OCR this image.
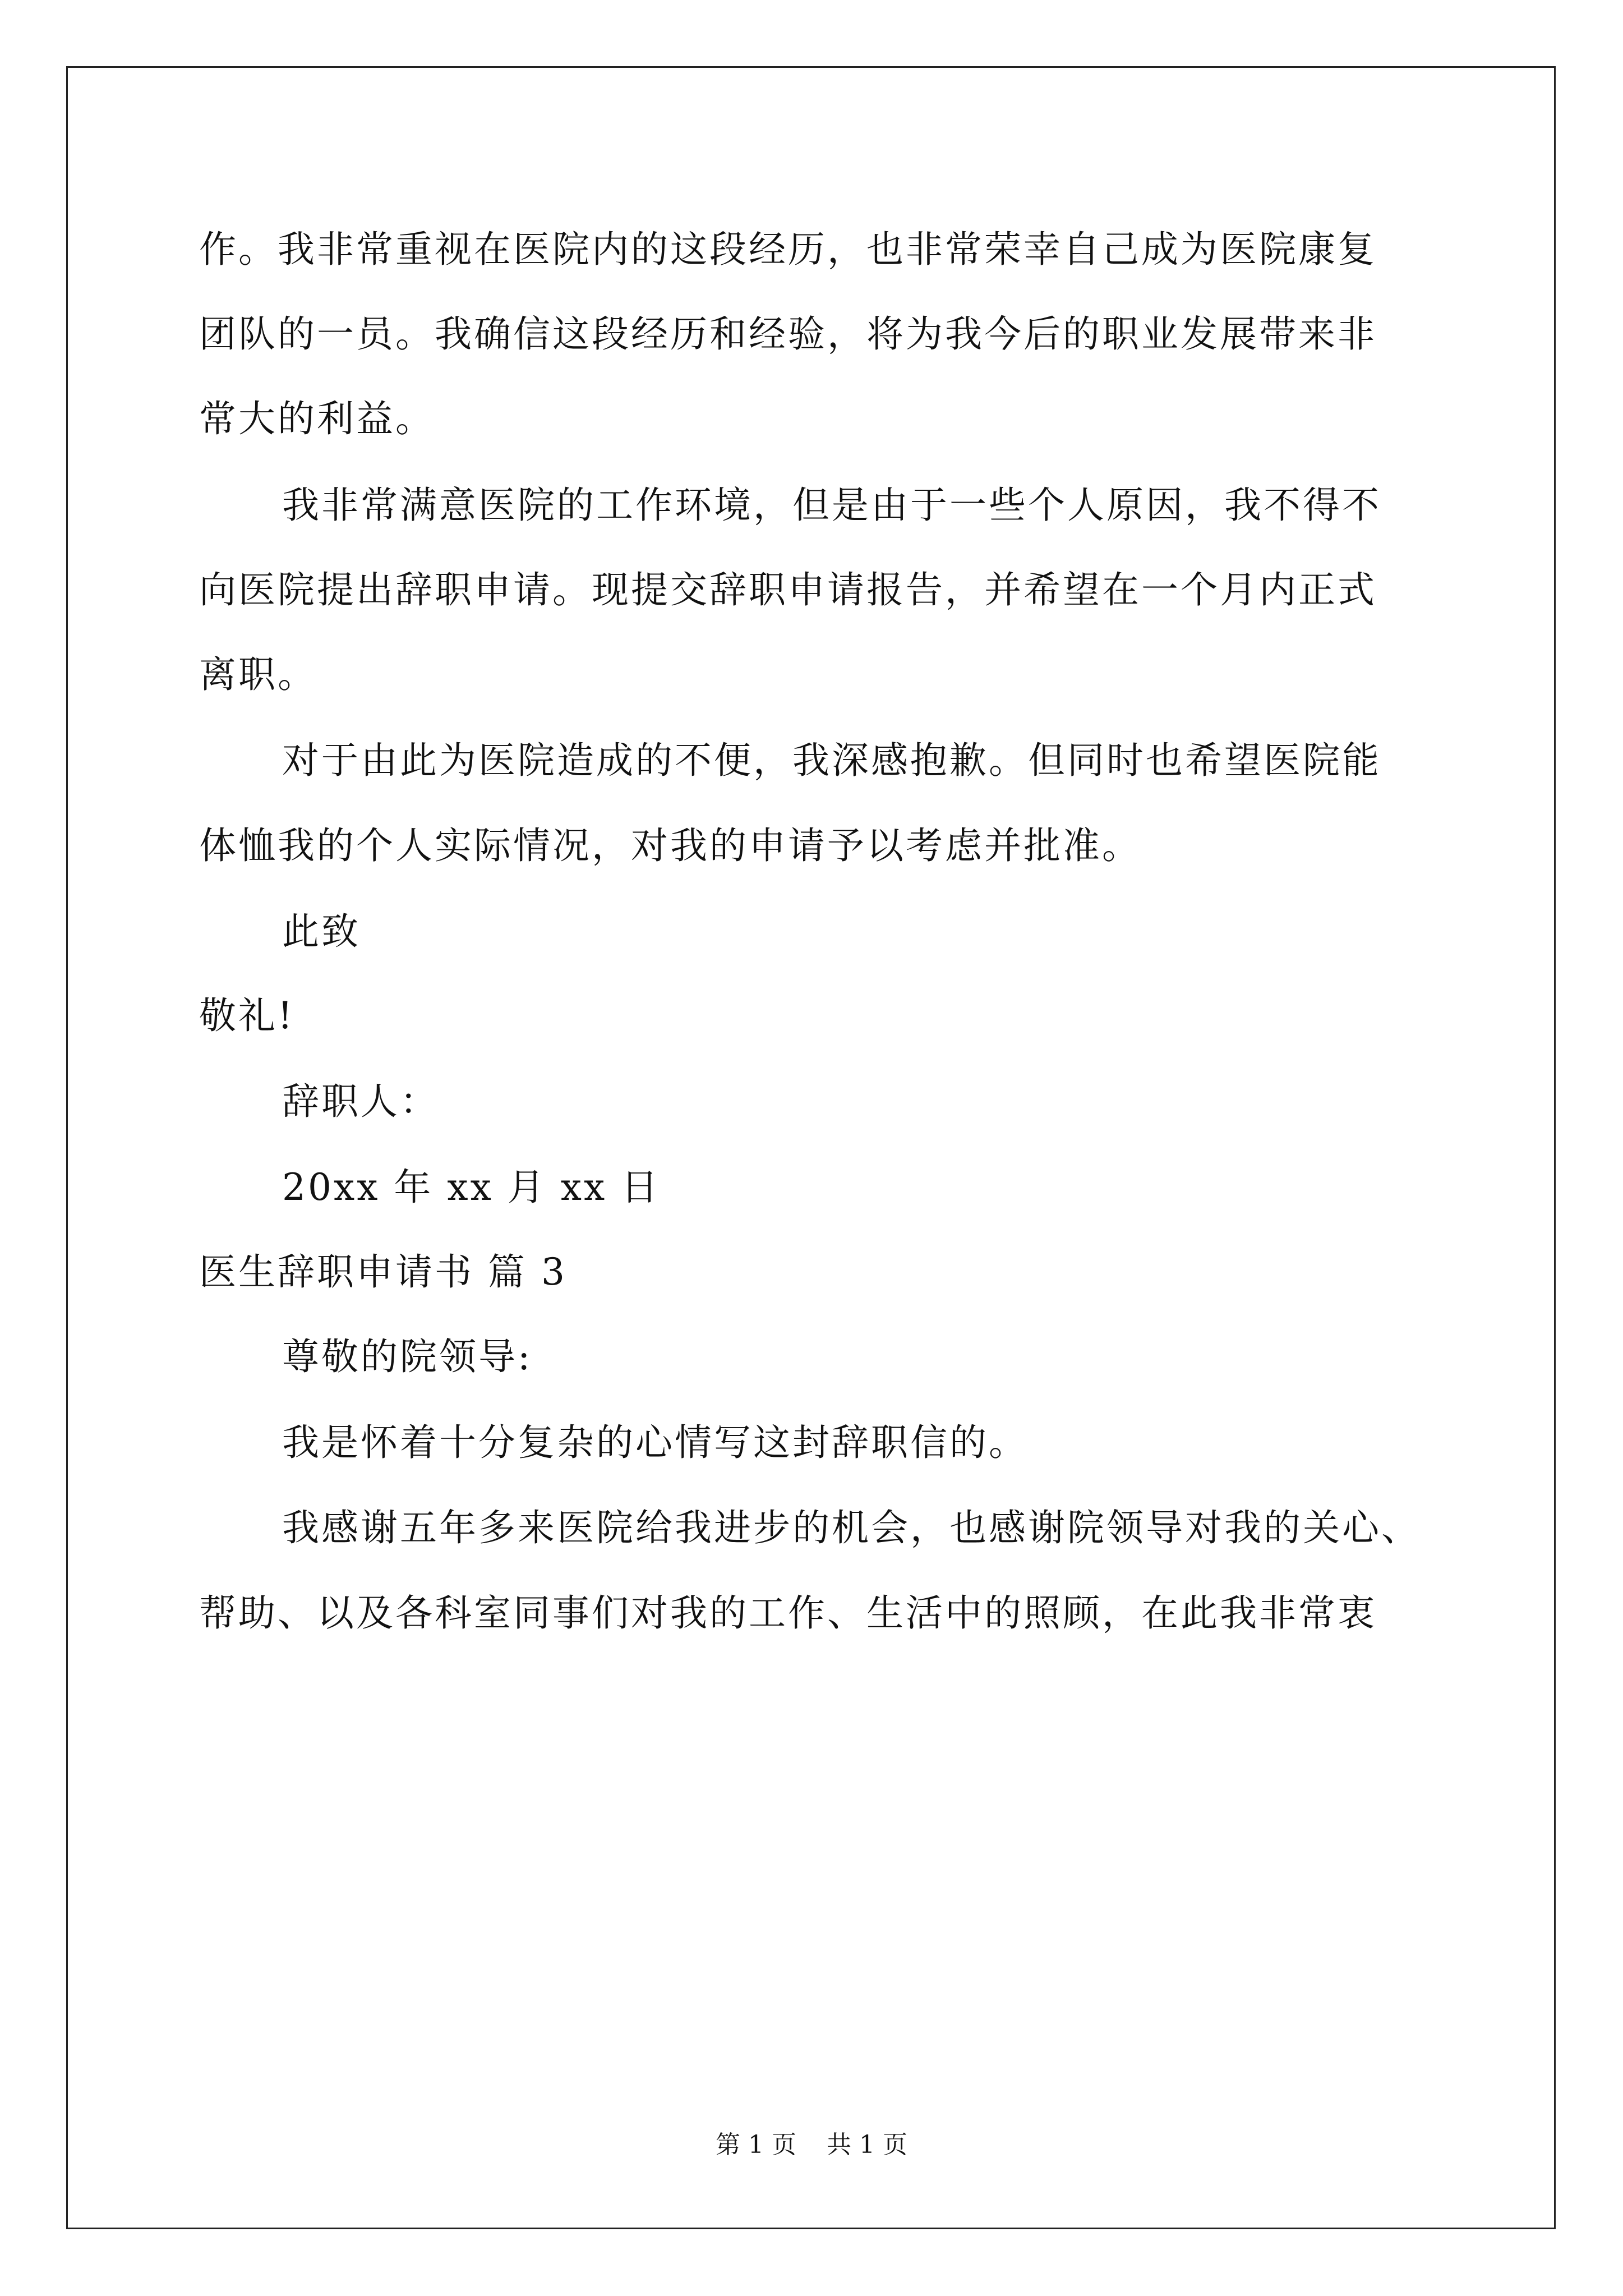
作。我非常重视在医院内的这段经历，也非常荣幸自己成为医院康复
团队的一员。我确信这段经历和经验，将为我今后的职业发展带来非
常大的利益。
我非常满意医院的工作环境，但是由于一些个人原因，我不得不
向医院提出辞职申请。现提交辞职申请报告，并希望在一个月内正式
离职。
对于由此为医院造成的不便，我深感抱歉。但同时也希望医院能
体恤我的个人实际情况，对我的申请予以考虑并批准。
此致
敬礼!
辞职人：
20xx 年 xx 月 xx 日
医生辞职申请书 篇 3
尊敬的院领导:
我是怀着十分复杂的心情写这封辞职信的。
我感谢五年多来医院给我进步的机会，也感谢院领导对我的关心、
帮助、以及各科室同事们对我的工作、生活中的照顾，在此我非常衷
第 1 页 共 1 页
